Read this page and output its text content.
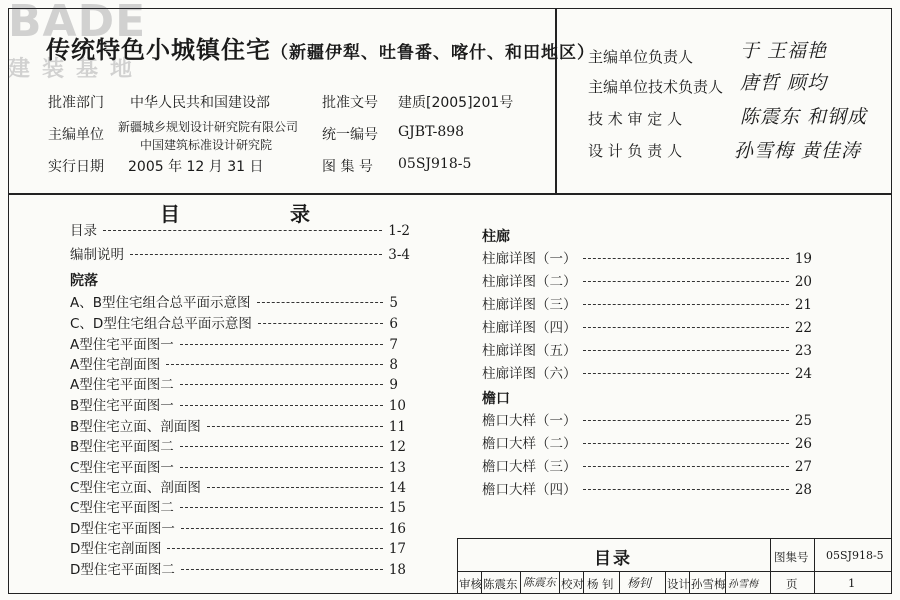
BADE
建装基地
传统特色小城镇住宅（新疆伊犁、吐鲁番、喀什、和田地区）
批准部门 中华人民共和国建设部	批准文号 建质[2005]201号
主编单位 新疆城乡规划设计研究院有限公司
中国建筑标准设计研究院
统一编号 GJBT-898
实行日期 2005 年 12 月 31 日	图 集 号 05SJ918-5
主编单位负责人 于 王福艳
主编单位技术负责人 唐哲 顾均
技 术 审 定 人	陈震东 和钢成
设 计 负 责 人	孙雪梅 黄佳涛
目录
目录	1-2
编制说明	3-4
院落
A、B型住宅组合总平面示意图	5
C、D型住宅组合总平面示意图	6
A型住宅平面图一	7
A型住宅剖面图	8
A型住宅平面图二	9
B型住宅平面图一	10
B型住宅立面、剖面图	11
B型住宅平面图二	12
C型住宅平面图一	13
C型住宅立面、剖面图	14
C型住宅平面图二	15
D型住宅平面图一	16
D型住宅剖面图	17
D型住宅平面图二	18
柱廊
柱廊详图（一）	19
柱廊详图（二）	20
柱廊详图（三）	21
柱廊详图（四）	22
柱廊详图（五）	23
柱廊详图（六）	24
檐口
檐口大样（一）	25
檐口大样（二）	26
檐口大样（三）	27
檐口大样（四）	28
目录	图集号 05SJ918-5
审核 陈震东 陈震东 校对 杨 钊 杨钊 设计 孙雪梅 孙雪梅 页	1
